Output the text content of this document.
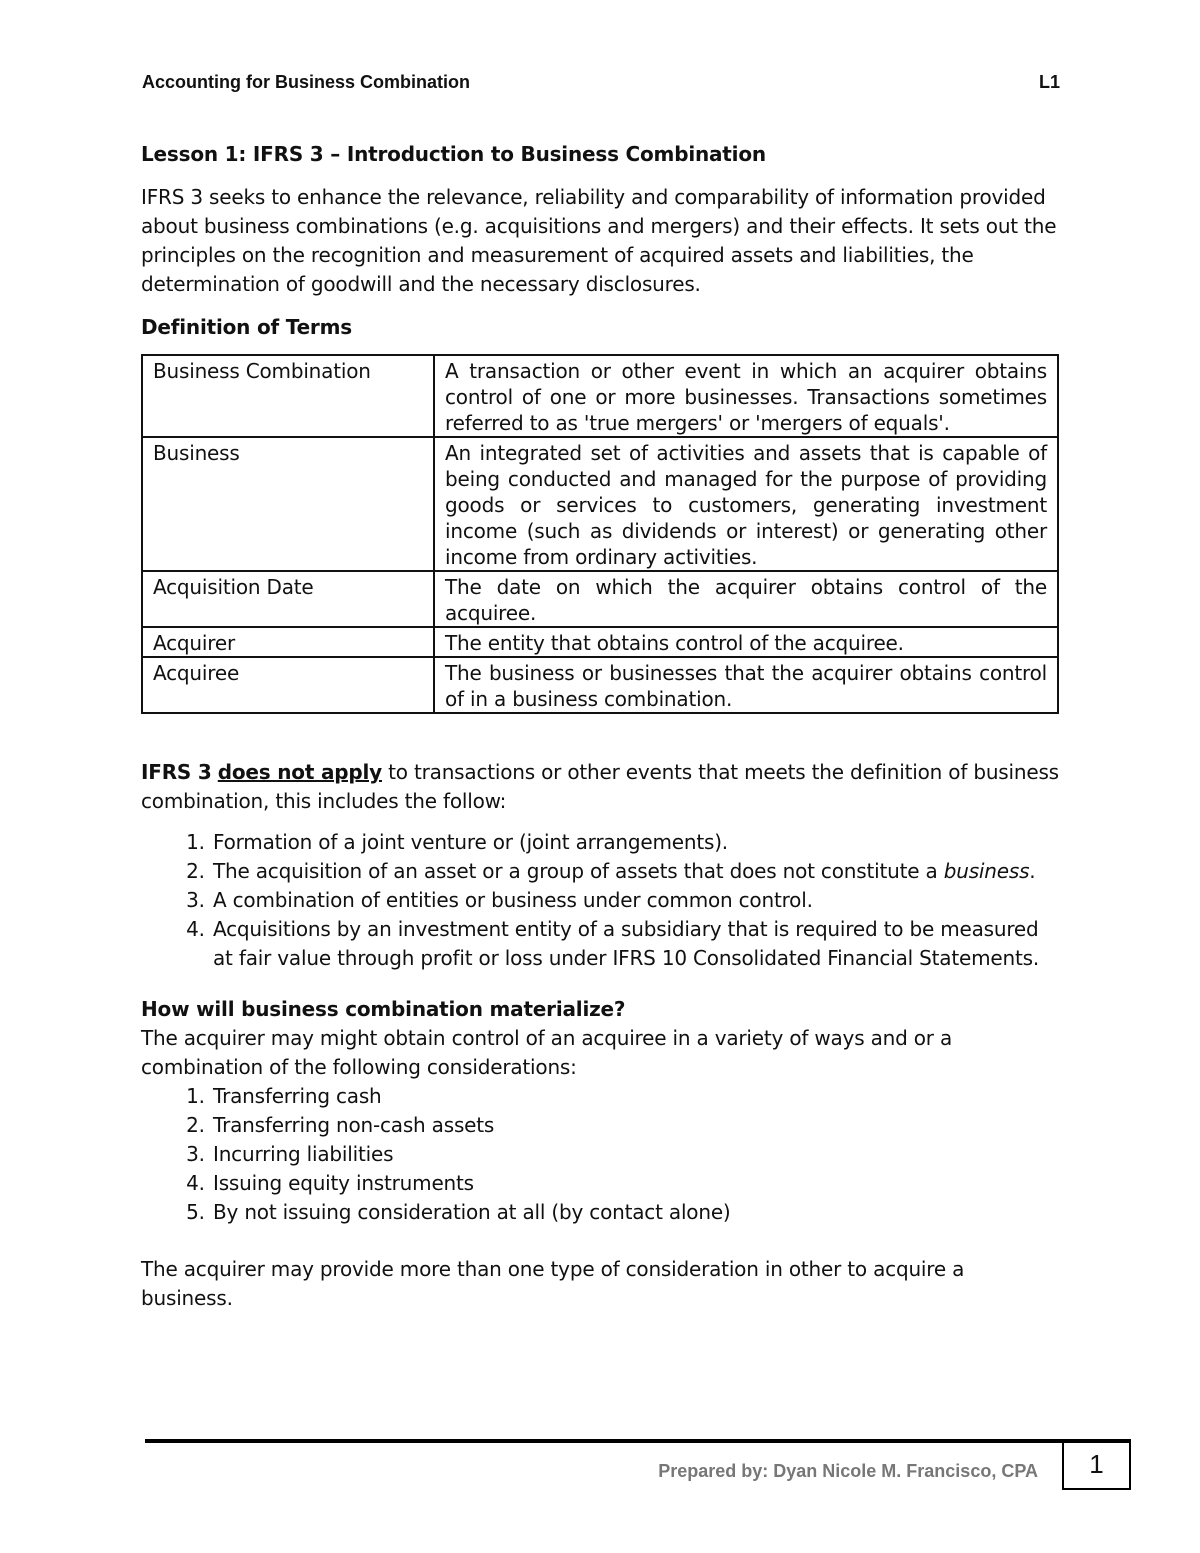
Accounting for Business Combination	L1
Lesson 1: IFRS 3 – Introduction to Business Combination

IFRS 3 seeks to enhance the relevance, reliability and comparability of information provided about business combinations (e.g. acquisitions and mergers) and their effects. It sets out the principles on the recognition and measurement of acquired assets and liabilities, the determination of goodwill and the necessary disclosures.

Definition of Terms
Business Combination	A transaction or other event in which an acquirer obtains control of one or more businesses. Transactions sometimes referred to as 'true mergers' or 'mergers of equals'.
Business	An integrated set of activities and assets that is capable of being conducted and managed for the purpose of providing goods or services to customers, generating investment income (such as dividends or interest) or generating other income from ordinary activities.
Acquisition Date	The date on which the acquirer obtains control of the acquiree.
Acquirer	The entity that obtains control of the acquiree.
Acquiree	The business or businesses that the acquirer obtains control of in a business combination.

IFRS 3 does not apply to transactions or other events that meets the definition of business combination, this includes the follow:

1. Formation of a joint venture or (joint arrangements).
2. The acquisition of an asset or a group of assets that does not constitute a business.
3. A combination of entities or business under common control.
4. Acquisitions by an investment entity of a subsidiary that is required to be measured at fair value through profit or loss under IFRS 10 Consolidated Financial Statements.
How will business combination materialize?

The acquirer may might obtain control of an acquiree in a variety of ways and or a combination of the following considerations:

1. Transferring cash
2. Transferring non-cash assets
3. Incurring liabilities
4. Issuing equity instruments
5. By not issuing consideration at all (by contact alone)

The acquirer may provide more than one type of consideration in other to acquire a business.

Prepared by: Dyan Nicole M. Francisco, CPA 1
